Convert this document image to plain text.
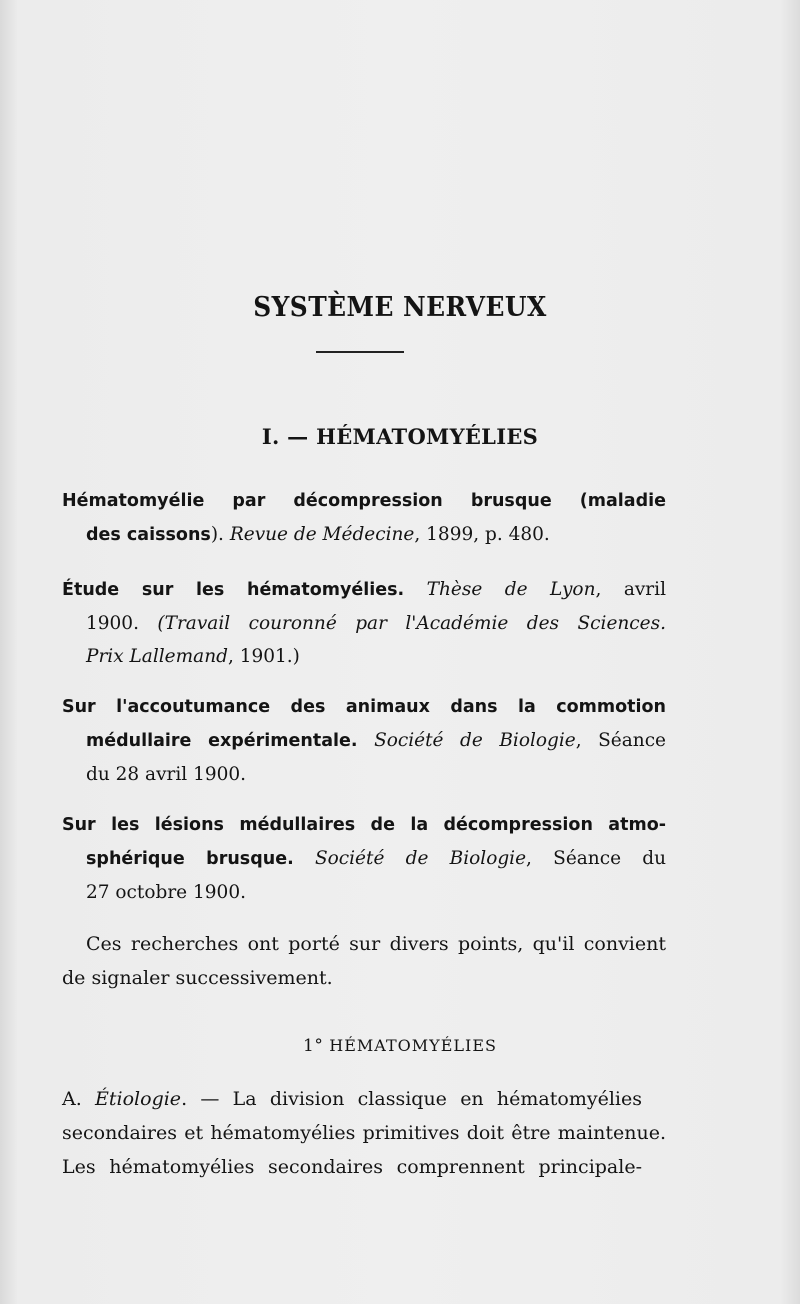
SYSTÈME NERVEUX
I. — HÉMATOMYÉLIES
Hématomyélie par décompression brusque (maladie
des caissons). Revue de Médecine, 1899, p. 480.
Étude sur les hématomyélies. Thèse de Lyon, avril
1900. (Travail couronné par l'Académie des Sciences.
Prix Lallemand, 1901.)
Sur l'accoutumance des animaux dans la commotion
médullaire expérimentale. Société de Biologie, Séance
du 28 avril 1900.
Sur les lésions médullaires de la décompression atmo-
sphérique brusque. Société de Biologie, Séance du
27 octobre 1900.
Ces recherches ont porté sur divers points, qu'il convient
de signaler successivement.
1° HÉMATOMYÉLIES
A. Étiologie. — La division classique en hématomyélies
secondaires et hématomyélies primitives doit être maintenue.
Les hématomyélies secondaires comprennent principale-
